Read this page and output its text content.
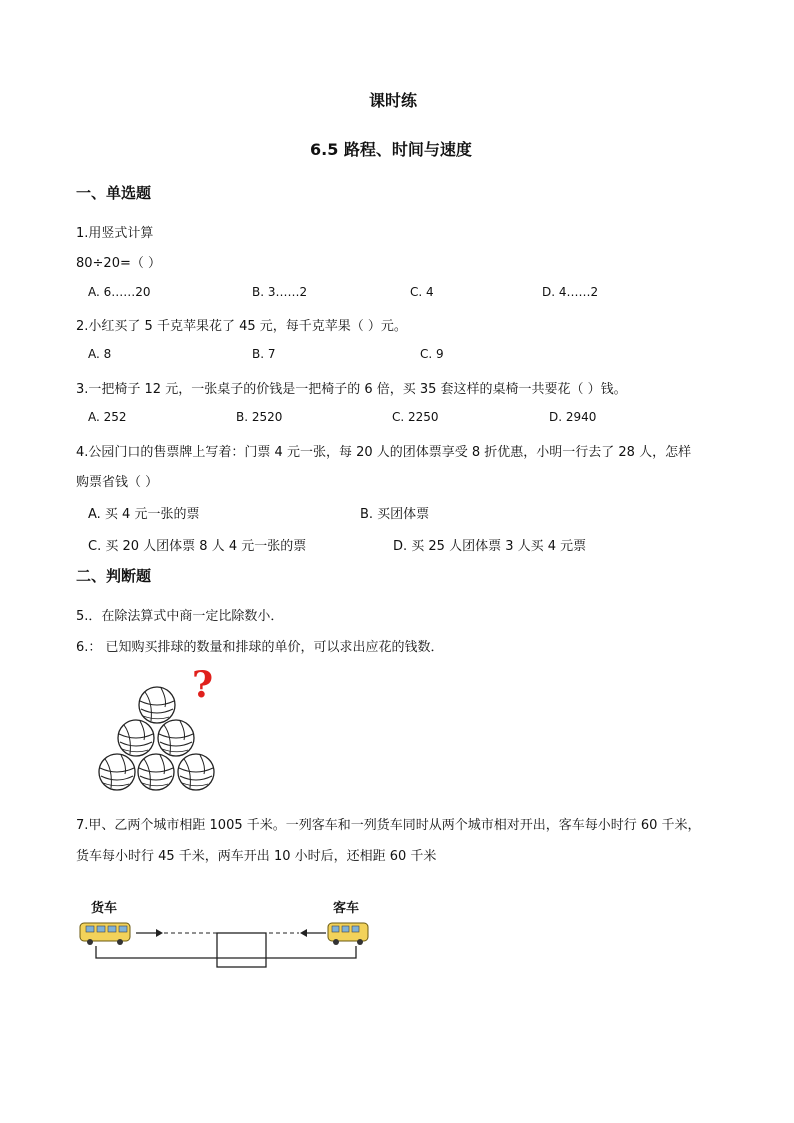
课时练
6.5 路程、时间与速度
一、单选题
1.用竖式计算
80÷20=（ ）
A. 6……20	B. 3……2	C. 4	D. 4……2
2.小红买了 5 千克苹果花了 45 元，每千克苹果（ ）元。
A. 8	B. 7	C. 9
3.一把椅子 12 元，一张桌子的价钱是一把椅子的 6 倍，买 35 套这样的桌椅一共要花（ ）钱。
A. 252	B. 2520	C. 2250	D. 2940
4.公园门口的售票牌上写着：门票 4 元一张，每 20 人的团体票享受 8 折优惠，小明一行去了 28 人，怎样
购票省钱（ ）
A. 买 4 元一张的票	B. 买团体票
C. 买 20 人团体票 8 人 4 元一张的票	D. 买 25 人团体票 3 人买 4 元票
二、判断题
5.．在除法算式中商一定比除数小．
6.： 已知购买排球的数量和排球的单价，可以求出应花的钱数．
?
7.甲、乙两个城市相距 1005 千米。一列客车和一列货车同时从两个城市相对开出，客车每小时行 60 千米，
货车每小时行 45 千米，两车开出 10 小时后，还相距 60 千米
货车	客车
